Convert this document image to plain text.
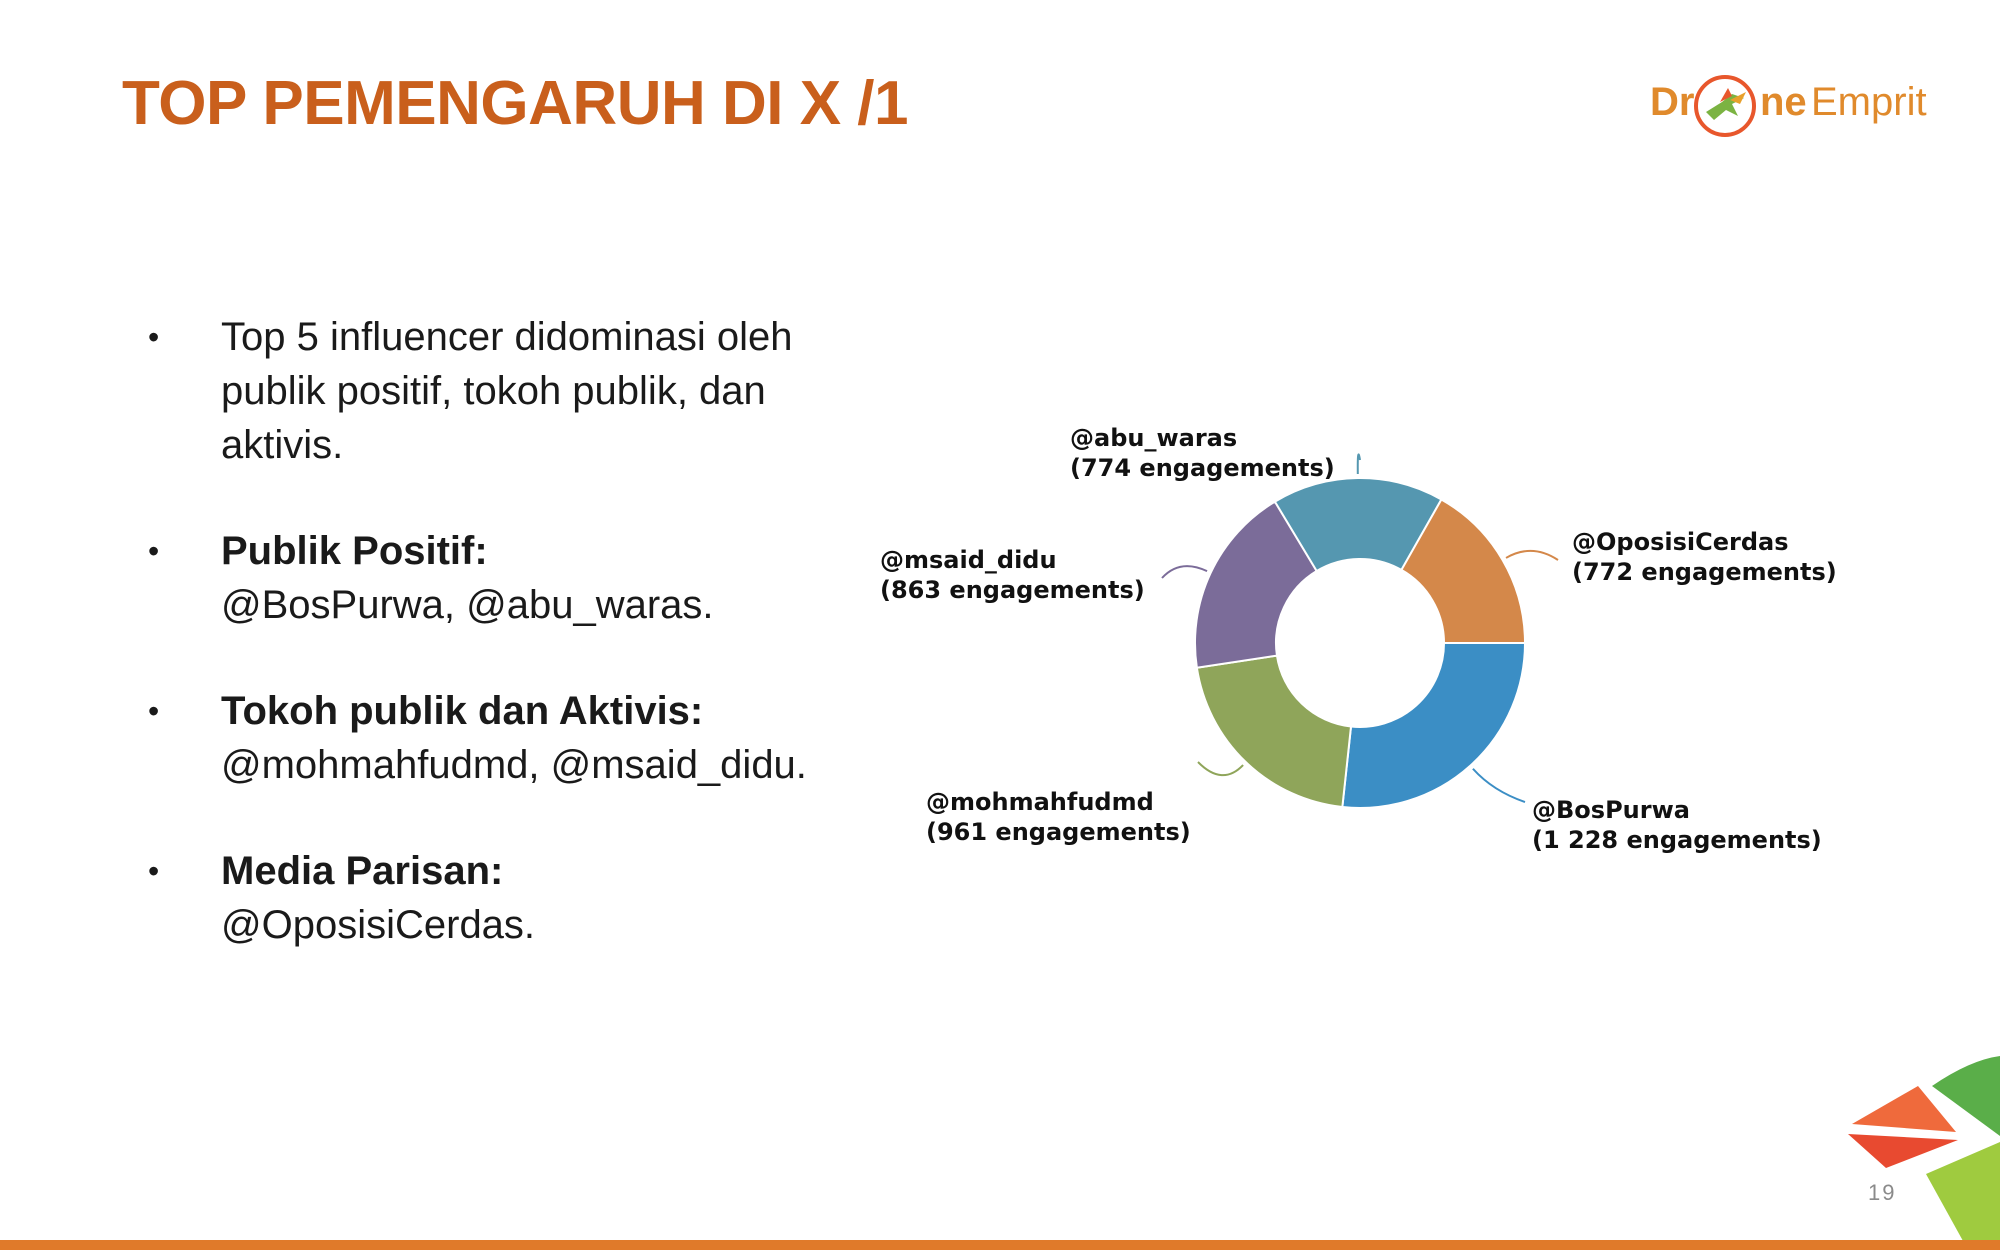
TOP PEMENGARUH DI X /1	Dr ne Emprit
• Top 5 influencer didominasi oleh publik positif, tokoh publik, dan aktivis.
• Publik Positif:
@BosPurwa, @abu_waras.
• Tokoh publik dan Aktivis:
@mohmahfudmd, @msaid_didu.
• Media Parisan:
@OposisiCerdas.
@BosPurwa
(1 228 engagements)
@mohmahfudmd
(961 engagements)
@msaid_didu
(863 engagements)
@abu_waras
(774 engagements)
@OposisiCerdas
(772 engagements)
19
